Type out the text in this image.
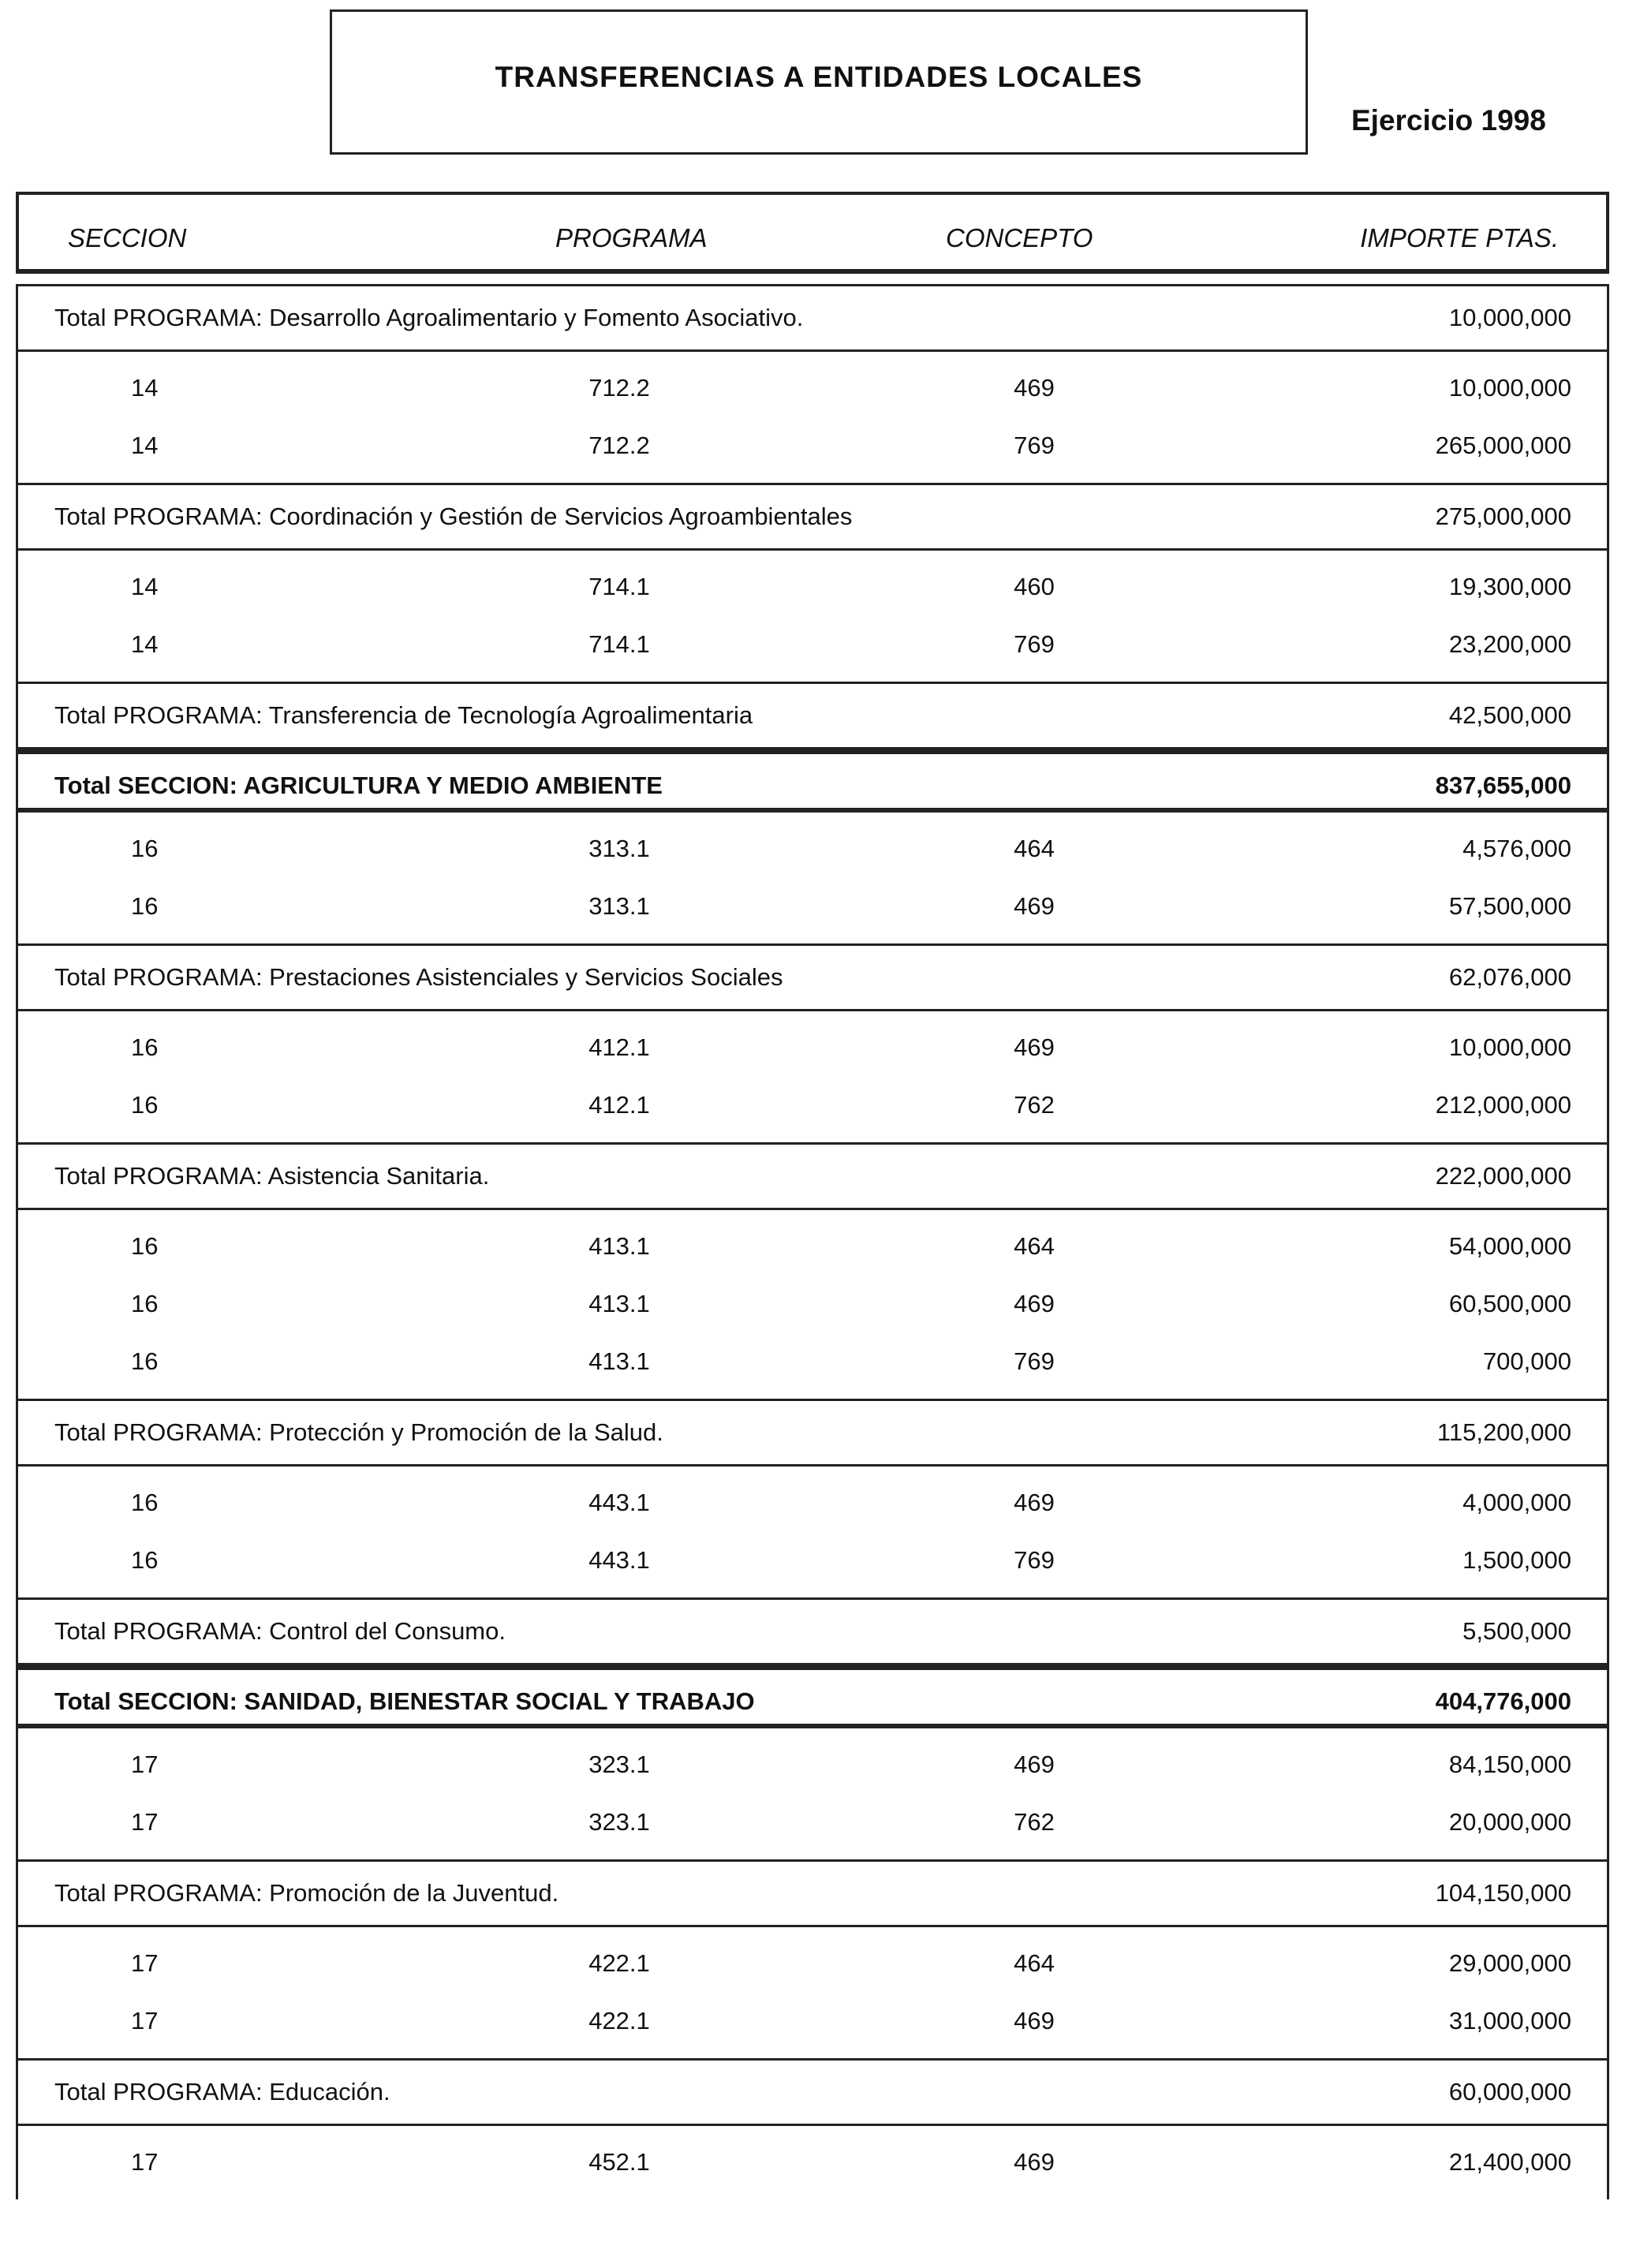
TRANSFERENCIAS A ENTIDADES LOCALES
Ejercicio 1998
SECCION	PROGRAMA	CONCEPTO	IMPORTE PTAS.
Total PROGRAMA: Desarrollo Agroalimentario y Fomento Asociativo.	10,000,000
14	712.2	469	10,000,000
14	712.2	769	265,000,000
Total PROGRAMA: Coordinación y Gestión de Servicios Agroambientales	275,000,000
14	714.1	460	19,300,000
14	714.1	769	23,200,000
Total PROGRAMA: Transferencia de Tecnología Agroalimentaria	42,500,000
Total SECCION: AGRICULTURA Y MEDIO AMBIENTE	837,655,000
16	313.1	464	4,576,000
16	313.1	469	57,500,000
Total PROGRAMA: Prestaciones Asistenciales y Servicios Sociales	62,076,000
16	412.1	469	10,000,000
16	412.1	762	212,000,000
Total PROGRAMA: Asistencia Sanitaria.	222,000,000
16	413.1	464	54,000,000
16	413.1	469	60,500,000
16	413.1	769	700,000
Total PROGRAMA: Protección y Promoción de la Salud.	115,200,000
16	443.1	469	4,000,000
16	443.1	769	1,500,000
Total PROGRAMA: Control del Consumo.	5,500,000
Total SECCION: SANIDAD, BIENESTAR SOCIAL Y TRABAJO	404,776,000
17	323.1	469	84,150,000
17	323.1	762	20,000,000
Total PROGRAMA: Promoción de la Juventud.	104,150,000
17	422.1	464	29,000,000
17	422.1	469	31,000,000
Total PROGRAMA: Educación.	60,000,000
17	452.1	469	21,400,000
